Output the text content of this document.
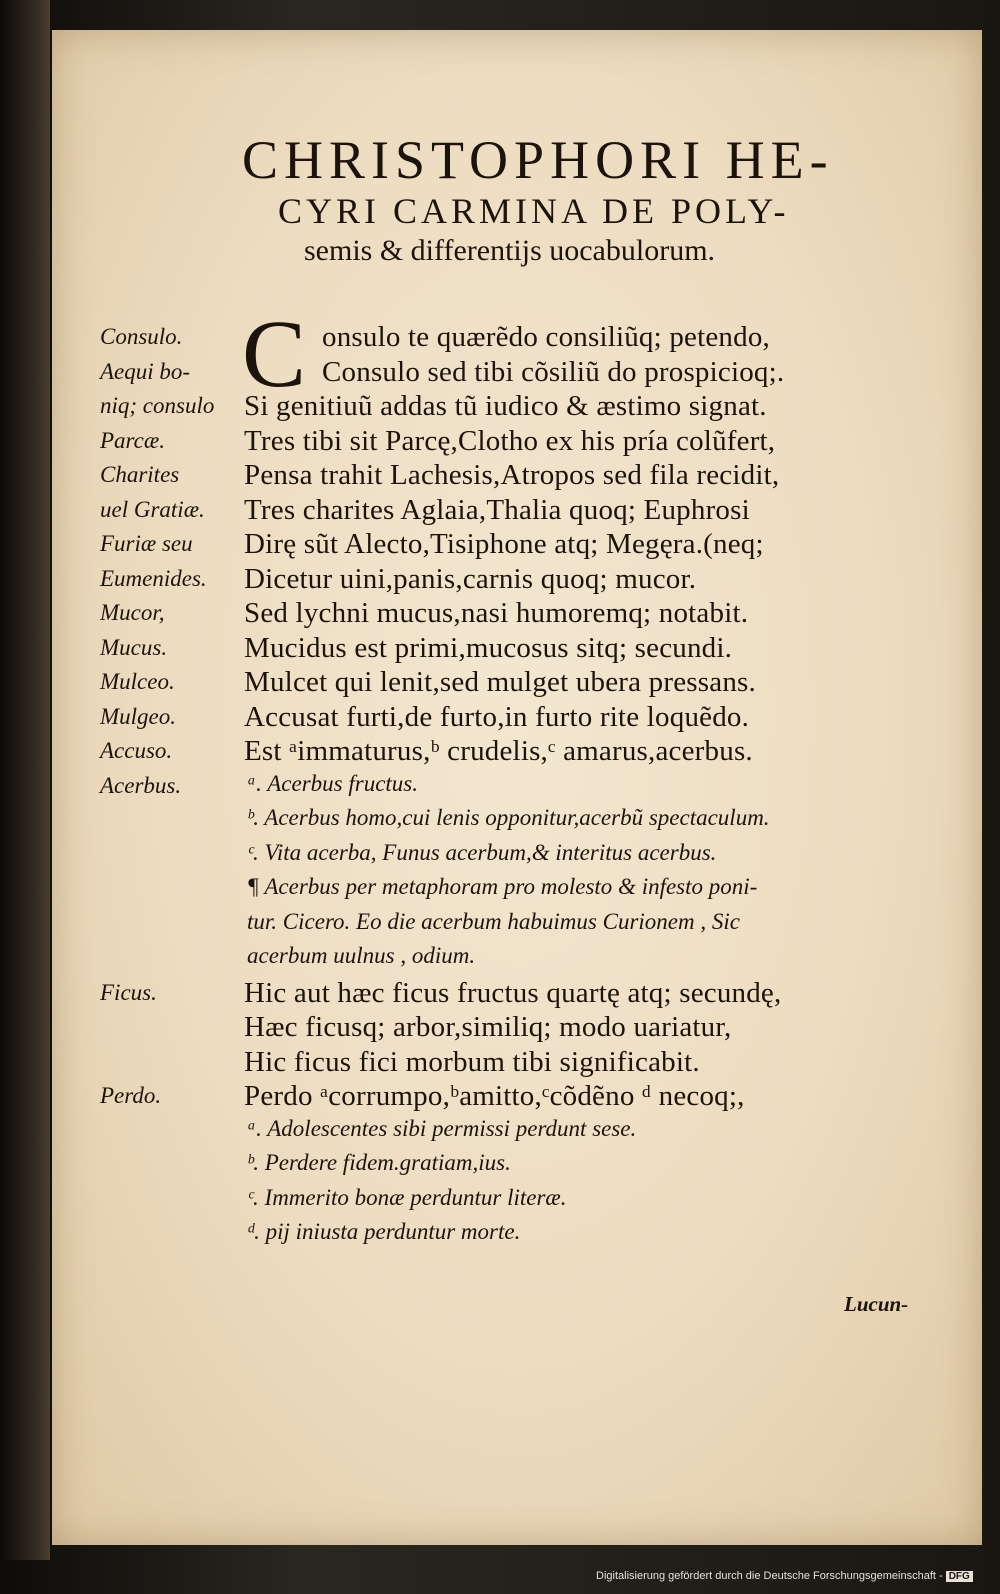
CHRISTOPHORI HE-
CYRI CARMINA DE POLY-
semis & differentijs uocabulorum.
C
Consulo.	onsulo te quærẽdo consiliũq; petendo,
Aequi bo-	Consulo sed tibi cõsiliũ do prospicioq;.
niq; consulo	Si genitiuũ addas tũ iudico & æstimo signat.
Parcæ.	Tres tibi sit Parcę,Clotho ex his pría colũfert,
Charites	Pensa trahit Lachesis,Atropos sed fila recidit,
uel Gratiæ.	Tres charites Aglaia,Thalia quoq; Euphrosi
Furiæ seu	Dirę sũt Alecto,Tisiphone atq; Megęra.(neq;
Eumenides.	Dicetur uini,panis,carnis quoq; mucor.
Mucor,	Sed lychni mucus,nasi humoremq; notabit.
Mucus.	Mucidus est primi,mucosus sitq; secundi.
Mulceo.	Mulcet qui lenit,sed mulget ubera pressans.
Mulgeo.	Accusat furti,de furto,in furto rite loquẽdo.
Accuso.	Est ᵃimmaturus,ᵇ crudelis,ᶜ amarus,acerbus.
Acerbus.	ᵃ. Acerbus fructus.
ᵇ. Acerbus homo,cui lenis opponitur,acerbũ spectaculum.
ᶜ. Vita acerba, Funus acerbum,& interitus acerbus.
¶ Acerbus per metaphoram pro molesto & infesto poni-
tur. Cicero. Eo die acerbum habuimus Curionem , Sic
acerbum uulnus , odium.
Ficus.	Hic aut hæc ficus fructus quartę atq; secundę,
Hæc ficusq; arbor,similiq; modo uariatur,
Hic ficus fici morbum tibi significabit.
Perdo.	Perdo ᵃcorrumpo,ᵇamitto,ᶜcõdẽno ᵈ necoq;,
ᵃ. Adolescentes sibi permissi perdunt sese.
ᵇ. Perdere fidem.gratiam,ius.
ᶜ. Immerito bonæ perduntur literæ.
ᵈ. pij iniusta perduntur morte.
Lucun-
Digitalisierung gefördert durch die Deutsche Forschungsgemeinschaft - DFG
